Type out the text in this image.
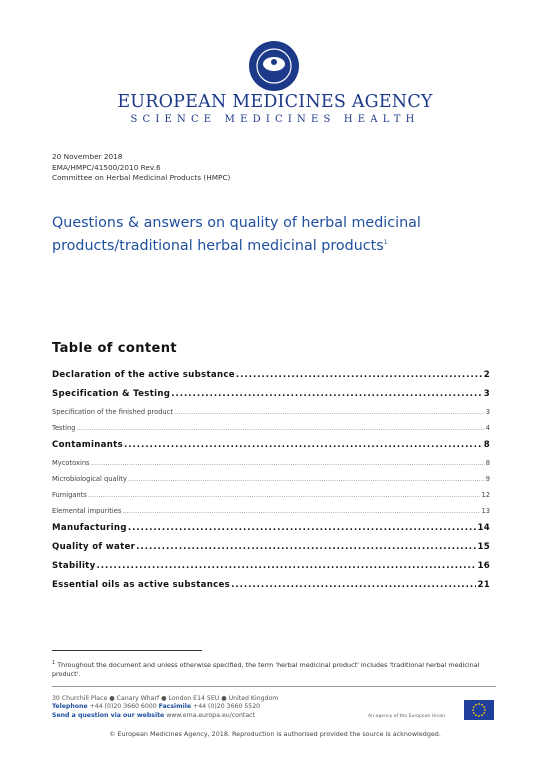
EUROPEAN MEDICINES AGENCY
SCIENCE MEDICINES HEALTH
20 November 2018
EMA/HMPC/41500/2010 Rev.6
Committee on Herbal Medicinal Products (HMPC)
Questions & answers on quality of herbal medicinal
products/traditional herbal medicinal products$^1$
Table of content
Declaration of the active substance .....	2
Specification & Testing .....	3
Specification of the finished product .....	3
Testing .....	4
Contaminants .....	8
Mycotoxins .....	8
Microbiological quality .....	9
Fumigants .....	12
Elemental impurities .....	13
Manufacturing .....	14
Quality of water .....	15
Stability .....	16
Essential oils as active substances .....	21
$^1$ Throughout the document and unless otherwise specified, the term 'herbal medicinal product' includes 'traditional herbal medicinal product'.
30 Churchill Place ● Canary Wharf ● London E14 5EU ● United Kingdom
Telephone +44 (0)20 3660 6000 Facsimile +44 (0)20 3660 5520
Send a question via our website www.ema.europa.eu/contact	An agency of the European Union
© European Medicines Agency, 2018. Reproduction is authorised provided the source is acknowledged.
